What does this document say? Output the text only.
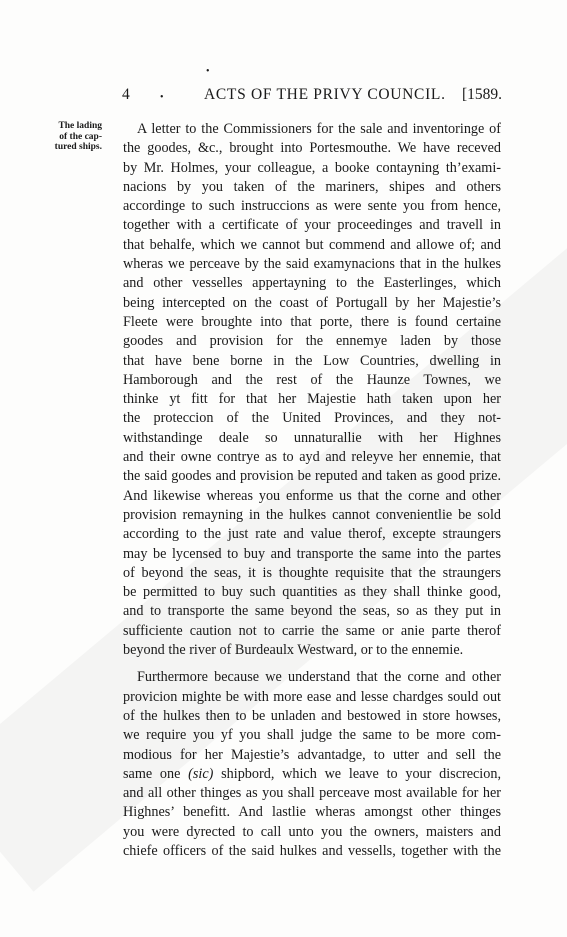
•
4	•	ACTS OF THE PRIVY COUNCIL. [1589.
The lading
of the cap-
tured ships.
A letter to the Commissioners for the sale and inventoringe of
the goodes, &c., brought into Portesmouthe. We have receved
by Mr. Holmes, your colleague, a booke contayning th’exami-
nacions by you taken of the mariners, shipes and others
accordinge to such instruccions as were sente you from hence,
together with a certificate of your proceedinges and travell in
that behalfe, which we cannot but commend and allowe of; and
wheras we perceave by the said examynacions that in the hulkes
and other vesselles appertayning to the Easterlinges, which
being intercepted on the coast of Portugall by her Majestie’s
Fleete were broughte into that porte, there is found certaine
goodes and provision for the ennemye laden by those
that have bene borne in the Low Countries, dwelling in
Hamborough and the rest of the Haunze Townes, we
thinke yt fitt for that her Majestie hath taken upon her
the proteccion of the United Provinces, and they not-
withstandinge deale so unnaturallie with her Highnes
and their owne contrye as to ayd and releyve her ennemie, that
the said goodes and provision be reputed and taken as good prize.
And likewise whereas you enforme us that the corne and other
provision remayning in the hulkes cannot convenientlie be sold
according to the just rate and value therof, excepte straungers
may be lycensed to buy and transporte the same into the partes
of beyond the seas, it is thoughte requisite that the straungers
be permitted to buy such quantities as they shall thinke good,
and to transporte the same beyond the seas, so as they put in
sufficiente caution not to carrie the same or anie parte therof
beyond the river of Burdeaulx Westward, or to the ennemie.
Furthermore because we understand that the corne and other
provicion mighte be with more ease and lesse chardges sould out
of the hulkes then to be unladen and bestowed in store howses,
we require you yf you shall judge the same to be more com-
modious for her Majestie’s advantadge, to utter and sell the
same one (sic) shipbord, which we leave to your discrecion,
and all other thinges as you shall perceave most available for her
Highnes’ benefitt. And lastlie wheras amongst other thinges
you were dyrected to call unto you the owners, maisters and
chiefe officers of the said hulkes and vessells, together with the
